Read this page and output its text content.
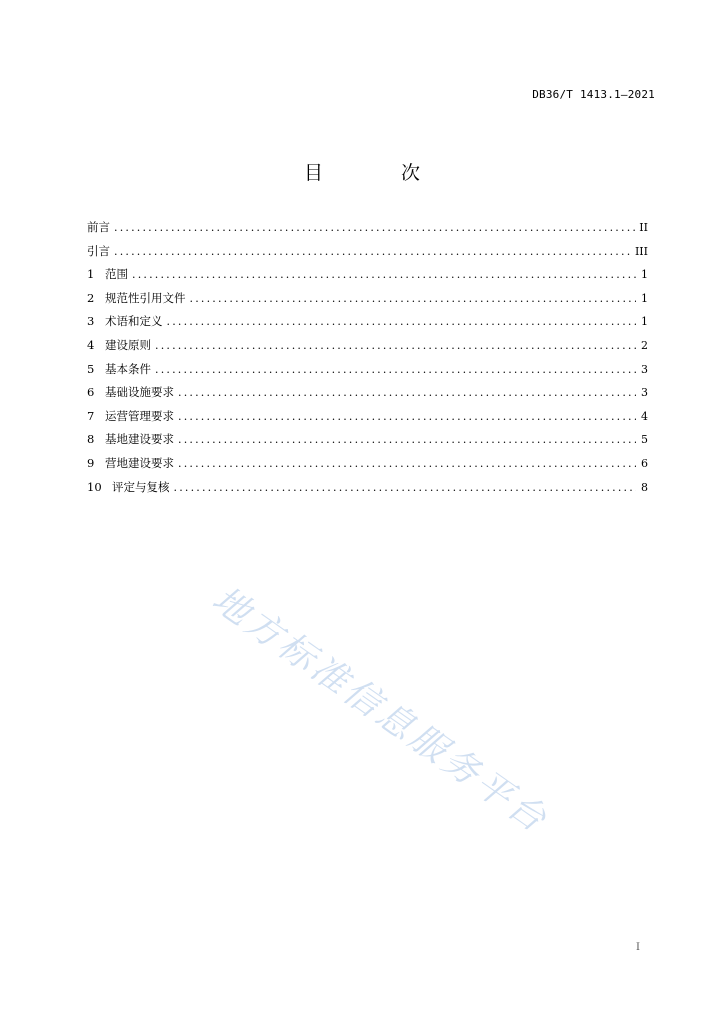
DB36/T 1413.1—2021
目 次
前言 .....	II
引言 .....	III
1 范围 .....	1
2 规范性引用文件 .....	1
3 术语和定义 .....	1
4 建设原则 .....	2
5 基本条件 .....	3
6 基础设施要求 .....	3
7 运营管理要求 .....	4
8 基地建设要求 .....	5
9 营地建设要求 .....	6
10 评定与复核 .....	8
地方标准信息服务平台
I
